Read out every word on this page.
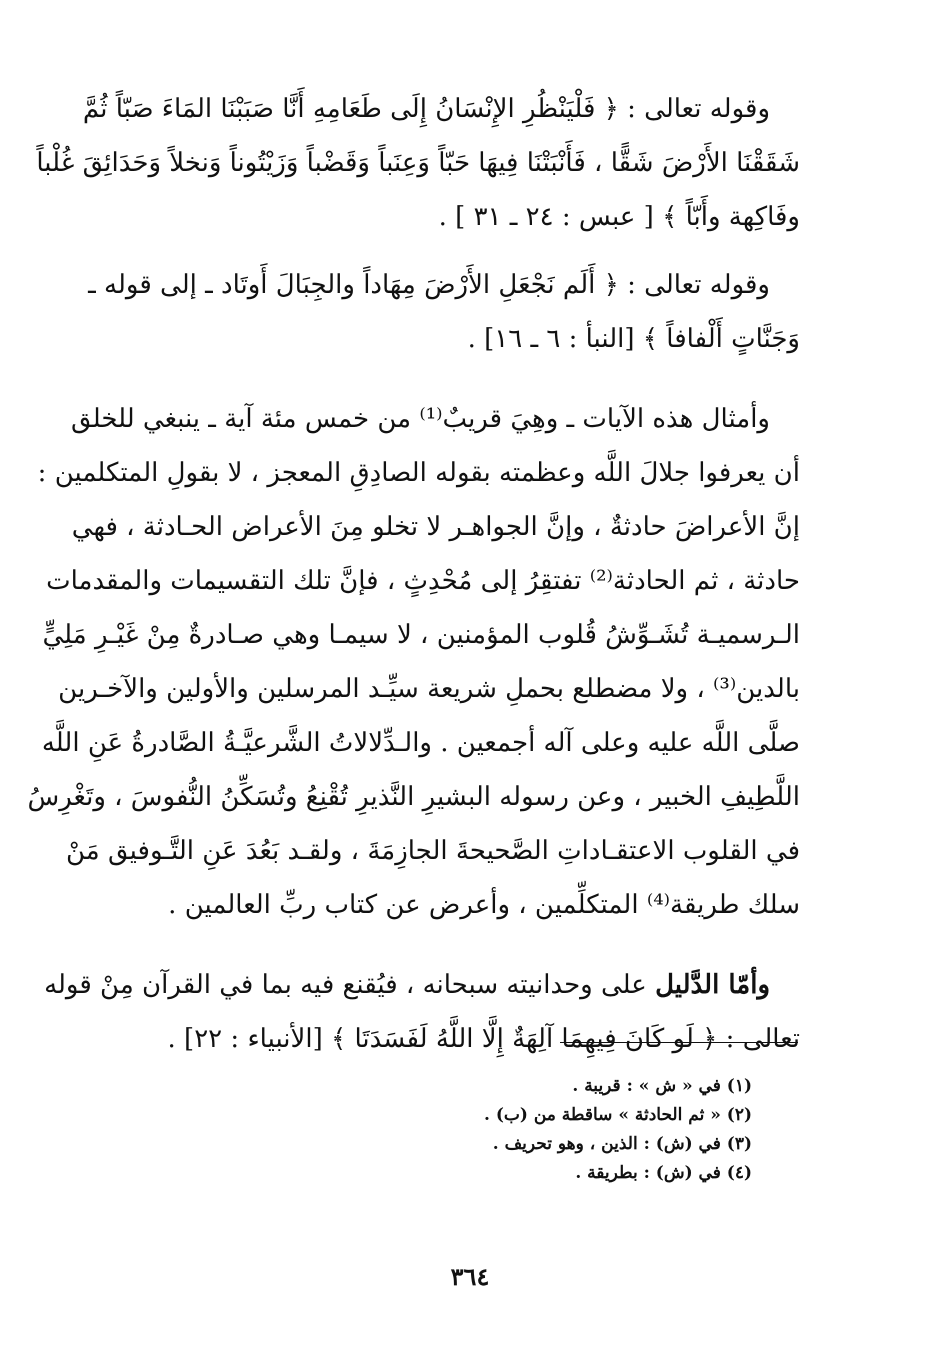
وقوله تعالى : ﴿ فَلْيَنْظُرِ الإِنْسَانُ إِلَى طَعَامِهِ أَنَّا صَبَبْنَا المَاءَ صَبّاً ثُمَّ
شَقَقْنَا الأَرْضَ شَقًّا ، فَأَنْبَتْنَا فِيهَا حَبّاً وَعِنَباً وَقَضْباً وَزَيْتُوناً وَنخلاً وَحَدَائِقَ غُلْباً
وفَاكِهة وأَبّاً ﴾ [ عبس : ٢٤ ـ ٣١ ] .
وقوله تعالى : ﴿ أَلَم نَجْعَلِ الأَرْضَ مِهَاداً والجِبَالَ أَوتَاد ـ إلى قوله ـ
وَجَنَّاتٍ أَلْفافاً ﴾ [النبأ : ٦ ـ ١٦] .
وأمثال هذه الآيات ـ وهِيَ قريبٌ⁽¹⁾ من خمس مئة آية ـ ينبغي للخلق
أن يعرفوا جلالَ اللَّه وعظمته بقوله الصادِقِ المعجز ، لا بقولِ المتكلمين :
إنَّ الأعراضَ حادثةٌ ، وإنَّ الجواهـر لا تخلو مِنَ الأعراض الحـادثة ، فهي
حادثة ، ثم الحادثة⁽²⁾ تفتقِرُ إلى مُحْدِثٍ ، فإنَّ تلك التقسيمات والمقدمات
الـرسميـة تُشَـوِّشُ قُلوب المؤمنين ، لا سيمـا وهي صـادرةٌ مِنْ غَيْـرِ مَلِيٍّ
بالدين⁽³⁾ ، ولا مضطلع بحملِ شريعة سيِّـد المرسلين والأولين والآخـرين
صلَّى اللَّه عليه وعلى آله أجمعين . والـدِّلالاتُ الشَّرعيَّـةُ الصَّادرةُ عَنِ اللَّه
اللَّطِيفِ الخبير ، وعن رسوله البشيرِ النَّذيرِ تُقْنِعُ وتُسَكِّنُ النُّفوسَ ، وتَغْرِسُ
في القلوب الاعتقـاداتِ الصَّحيحةَ الجازِمَةَ ، ولقـد بَعُدَ عَنِ التَّـوفيق مَنْ
سلك طريقة⁽⁴⁾ المتكلِّمين ، وأعرض عن كتاب ربِّ العالمين .
وأمّا الدَّليل على وحدانيته سبحانه ، فيُقنع فيه بما في القرآن مِنْ قوله
تعالى : ﴿ لَو كَانَ فِيهِمَا آلِهَةٌ إِلَّا اللَّهُ لَفَسَدَتَا ﴾ [الأنبياء : ٢٢] .
(١) في « ش » : قريبة .
(٢) « ثم الحادثة » ساقطة من (ب) .
(٣) في (ش) : الذين ، وهو تحريف .
(٤) في (ش) : بطريقة .
٣٦٤
